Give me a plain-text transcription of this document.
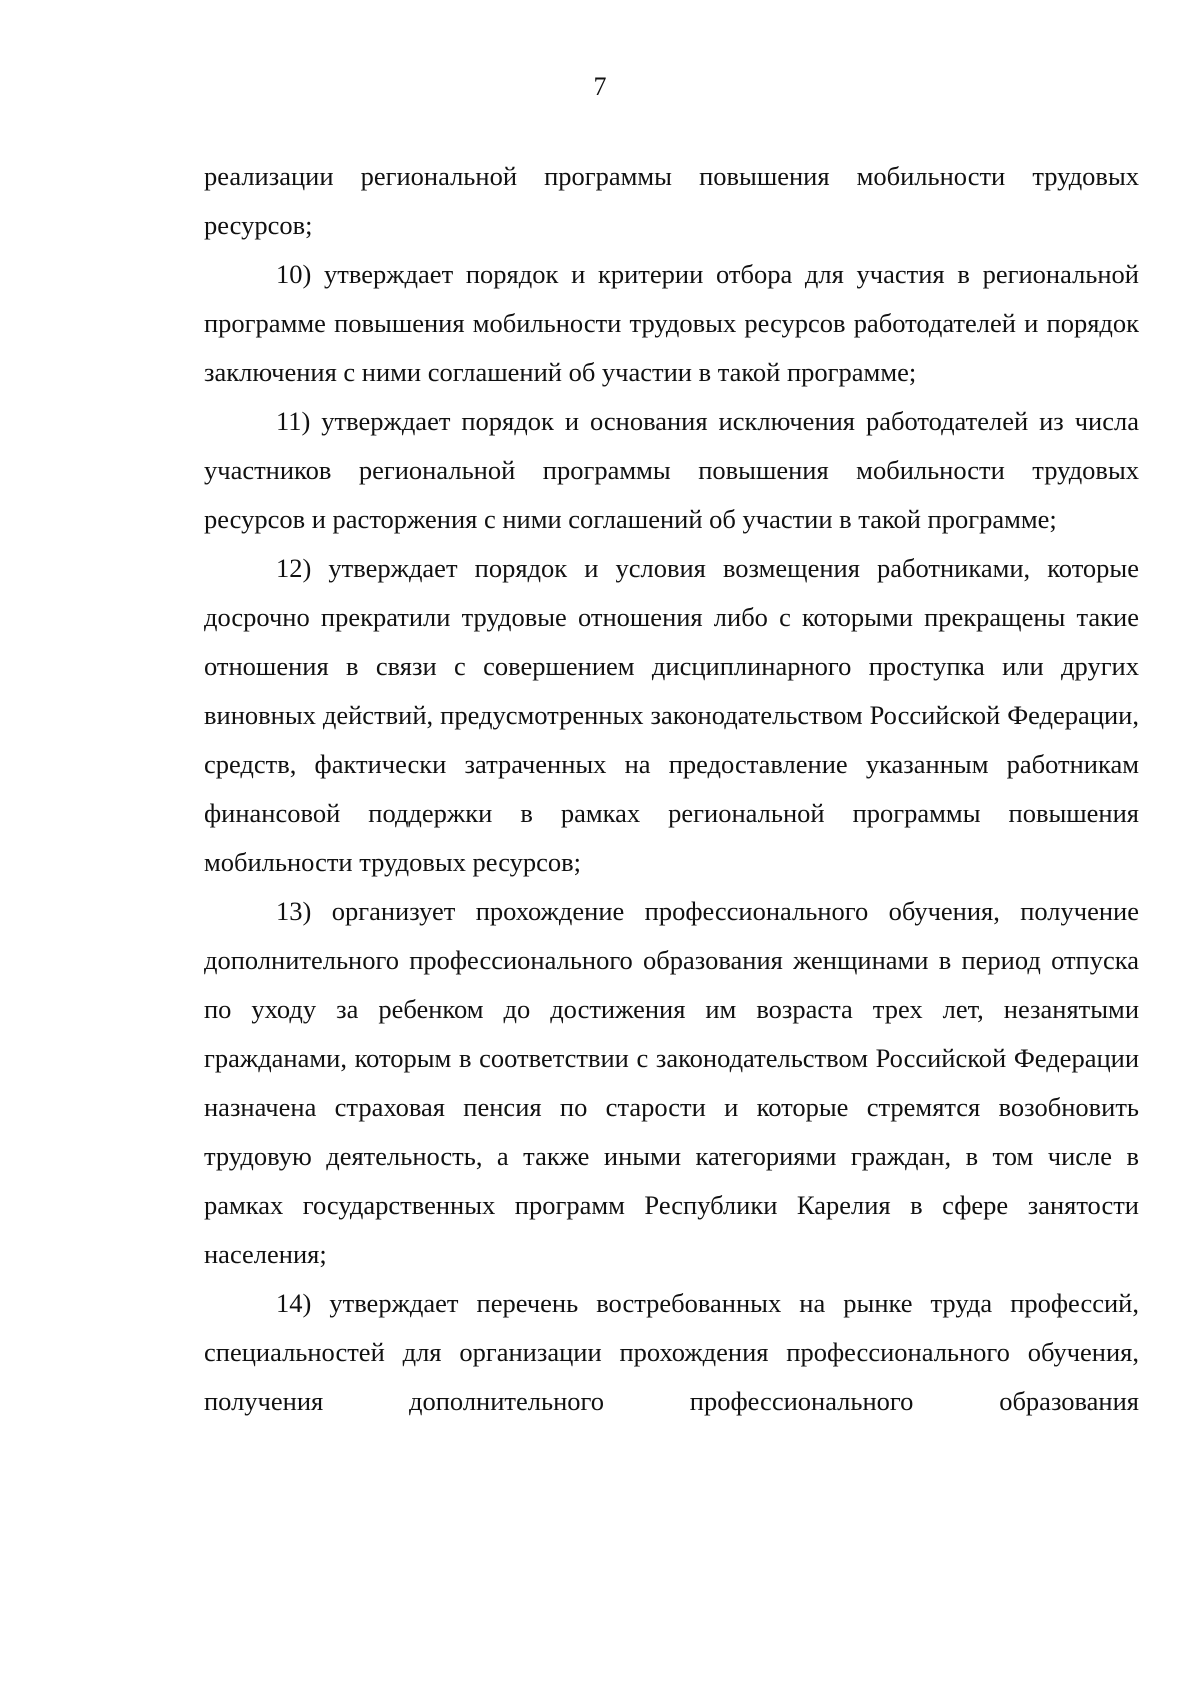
7

реализации региональной программы повышения мобильности трудовых ресурсов;

10) утверждает порядок и критерии отбора для участия в региональной программе повышения мобильности трудовых ресурсов работодателей и порядок заключения с ними соглашений об участии в такой программе;

11) утверждает порядок и основания исключения работодателей из числа участников региональной программы повышения мобильности трудовых ресурсов и расторжения с ними соглашений об участии в такой программе;

12) утверждает порядок и условия возмещения работниками, которые досрочно прекратили трудовые отношения либо с которыми прекращены такие отношения в связи с совершением дисциплинарного проступка или других виновных действий, предусмотренных законодательством Российской Федерации, средств, фактически затраченных на предоставление указанным работникам финансовой поддержки в рамках региональной программы повышения мобильности трудовых ресурсов;

13) организует прохождение профессионального обучения, получение дополнительного профессионального образования женщинами в период отпуска по уходу за ребенком до достижения им возраста трех лет, незанятыми гражданами, которым в соответствии с законодательством Российской Федерации назначена страховая пенсия по старости и которые стремятся возобновить трудовую деятельность, а также иными категориями граждан, в том числе в рамках государственных программ Республики Карелия в сфере занятости населения;

14) утверждает перечень востребованных на рынке труда профессий, специальностей для организации прохождения профессионального обучения, получения дополнительного профессионального образования
